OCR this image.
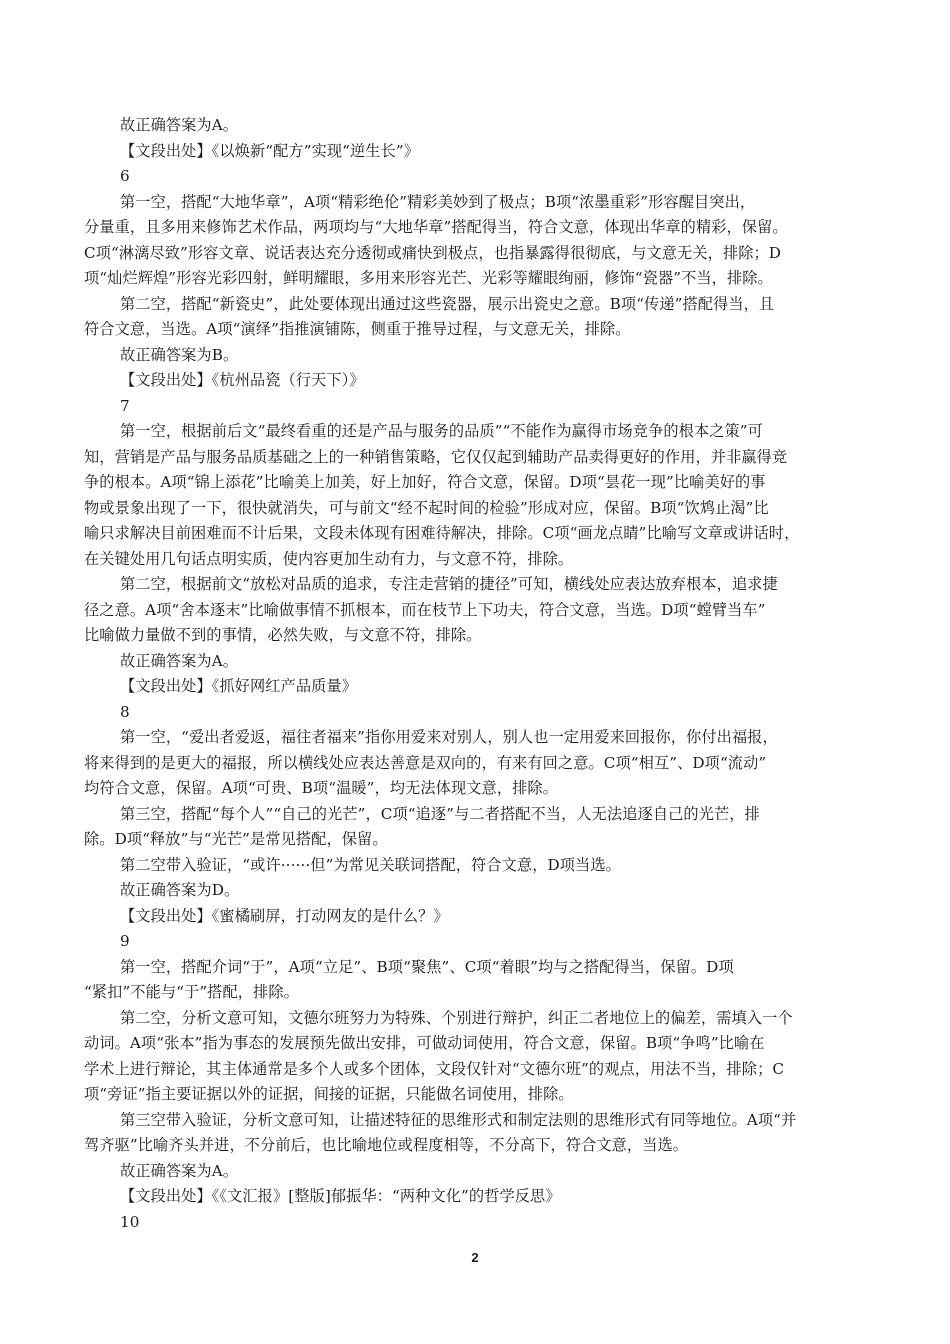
故正确答案为A。

【文段出处】《以焕新“配方”实现“逆生长”》

6

第一空，搭配“大地华章”，A项“精彩绝伦”精彩美妙到了极点；B项“浓墨重彩”形容醒目突出，

分量重，且多用来修饰艺术作品，两项均与“大地华章”搭配得当，符合文意，体现出华章的精彩，保留。

C项“淋漓尽致”形容文章、说话表达充分透彻或痛快到极点，也指暴露得很彻底，与文意无关，排除；D

项“灿烂辉煌”形容光彩四射，鲜明耀眼，多用来形容光芒、光彩等耀眼绚丽，修饰“瓷器”不当，排除。

第二空，搭配“新瓷史”，此处要体现出通过这些瓷器，展示出瓷史之意。B项“传递”搭配得当，且

符合文意，当选。A项“演绎”指推演铺陈，侧重于推导过程，与文意无关，排除。

故正确答案为B。

【文段出处】《杭州品瓷（行天下）》

7

第一空，根据前后文“最终看重的还是产品与服务的品质”“不能作为赢得市场竞争的根本之策”可

知，营销是产品与服务品质基础之上的一种销售策略，它仅仅起到辅助产品卖得更好的作用，并非赢得竞

争的根本。A项“锦上添花”比喻美上加美，好上加好，符合文意，保留。D项“昙花一现”比喻美好的事

物或景象出现了一下，很快就消失，可与前文“经不起时间的检验”形成对应，保留。B项“饮鸩止渴”比

喻只求解决目前困难而不计后果，文段未体现有困难待解决，排除。C项“画龙点睛”比喻写文章或讲话时，

在关键处用几句话点明实质，使内容更加生动有力，与文意不符，排除。

第二空，根据前文“放松对品质的追求，专注走营销的捷径”可知，横线处应表达放弃根本，追求捷

径之意。A项“舍本逐末”比喻做事情不抓根本，而在枝节上下功夫，符合文意，当选。D项“螳臂当车”

比喻做力量做不到的事情，必然失败，与文意不符，排除。

故正确答案为A。

【文段出处】《抓好网红产品质量》

8

第一空，“爱出者爱返，福往者福来”指你用爱来对别人，别人也一定用爱来回报你，你付出福报，

将来得到的是更大的福报，所以横线处应表达善意是双向的，有来有回之意。C项“相互”、D项“流动”

均符合文意，保留。A项“可贵、B项“温暖”，均无法体现文意，排除。

第三空，搭配“每个人”“自己的光芒”，C项“追逐”与二者搭配不当，人无法追逐自己的光芒，排

除。D项“释放”与“光芒”是常见搭配，保留。

第二空带入验证，“或许······但”为常见关联词搭配，符合文意，D项当选。

故正确答案为D。

【文段出处】《蜜橘刷屏，打动网友的是什么？》

9

第一空，搭配介词“于”，A项“立足”、B项“聚焦”、C项“着眼”均与之搭配得当，保留。D项

“紧扣”不能与“于”搭配，排除。

第二空，分析文意可知，文德尔班努力为特殊、个别进行辩护，纠正二者地位上的偏差，需填入一个

动词。A项“张本”指为事态的发展预先做出安排，可做动词使用，符合文意，保留。B项“争鸣”比喻在

学术上进行辩论，其主体通常是多个人或多个团体，文段仅针对“文德尔班”的观点，用法不当，排除；C

项“旁证”指主要证据以外的证据，间接的证据，只能做名词使用，排除。

第三空带入验证，分析文意可知，让描述特征的思维形式和制定法则的思维形式有同等地位。A项“并

驾齐驱”比喻齐头并进，不分前后，也比喻地位或程度相等，不分高下，符合文意，当选。

故正确答案为A。

【文段出处】《《文汇报》[整版]郁振华：“两种文化”的哲学反思》

10

2
